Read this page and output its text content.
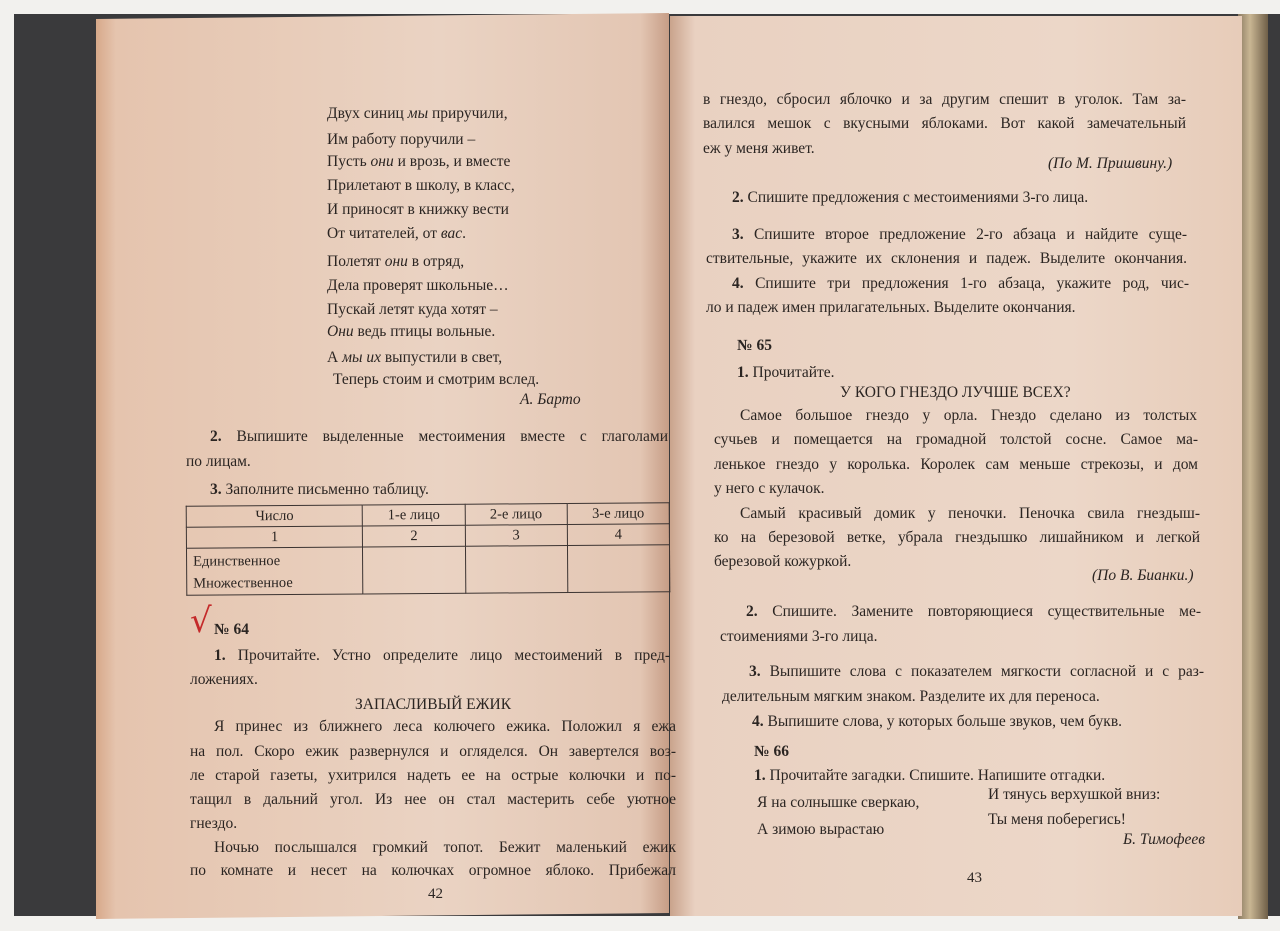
Двух синиц мы приручили,
Им работу поручили –
Пусть они и врозь, и вместе
Прилетают в школу, в класс,
И приносят в книжку вести
От читателей, от вас.
Полетят они в отряд,
Дела проверят школьные…
Пускай летят куда хотят –
Они ведь птицы вольные.
А мы их выпустили в свет,
Теперь стоим и смотрим вслед.
А. Барто
2. Выпишите выделенные местоимения вместе с глаголами
по лицам.
3. Заполните письменно таблицу.
Число	1-е лицо	2-е лицо	3-е лицо
1	2	3	4

Единственное
Множественное			

√ № 64
1. Прочитайте. Устно определите лицо местоимений в пред-
ложениях.
ЗАПАСЛИВЫЙ ЕЖИК
Я принес из ближнего леса колючего ежика. Положил я ежа
на пол. Скоро ежик развернулся и огляделся. Он завертелся воз-
ле старой газеты, ухитрился надеть ее на острые колючки и по-
тащил в дальний угол. Из нее он стал мастерить себе уютное
гнездо.
Ночью послышался громкий топот. Бежит маленький ежик
по комнате и несет на колючках огромное яблоко. Прибежал
42
в гнездо, сбросил яблочко и за другим спешит в уголок. Там за-
валился мешок с вкусными яблоками. Вот какой замечательный
еж у меня живет.
(По М. Пришвину.)
2. Спишите предложения с местоимениями 3-го лица.
3. Спишите второе предложение 2-го абзаца и найдите суще-
ствительные, укажите их склонения и падеж. Выделите окончания.
4. Спишите три предложения 1-го абзаца, укажите род, чис-
ло и падеж имен прилагательных. Выделите окончания.
№ 65
1. Прочитайте.
У КОГО ГНЕЗДО ЛУЧШЕ ВСЕХ?
Самое большое гнездо у орла. Гнездо сделано из толстых
сучьев и помещается на громадной толстой сосне. Самое ма-
ленькое гнездо у королька. Королек сам меньше стрекозы, и дом
у него с кулачок.
Самый красивый домик у пеночки. Пеночка свила гнездыш-
ко на березовой ветке, убрала гнездышко лишайником и легкой
березовой кожуркой.
(По В. Бианки.)
2. Спишите. Замените повторяющиеся существительные ме-
стоимениями 3-го лица.
3. Выпишите слова с показателем мягкости согласной и с раз-
делительным мягким знаком. Разделите их для переноса.
4. Выпишите слова, у которых больше звуков, чем букв.
№ 66
1. Прочитайте загадки. Спишите. Напишите отгадки.
Я на солнышке сверкаю,
А зимою вырастаю
И тянусь верхушкой вниз:
Ты меня поберегись!
Б. Тимофеев
43
